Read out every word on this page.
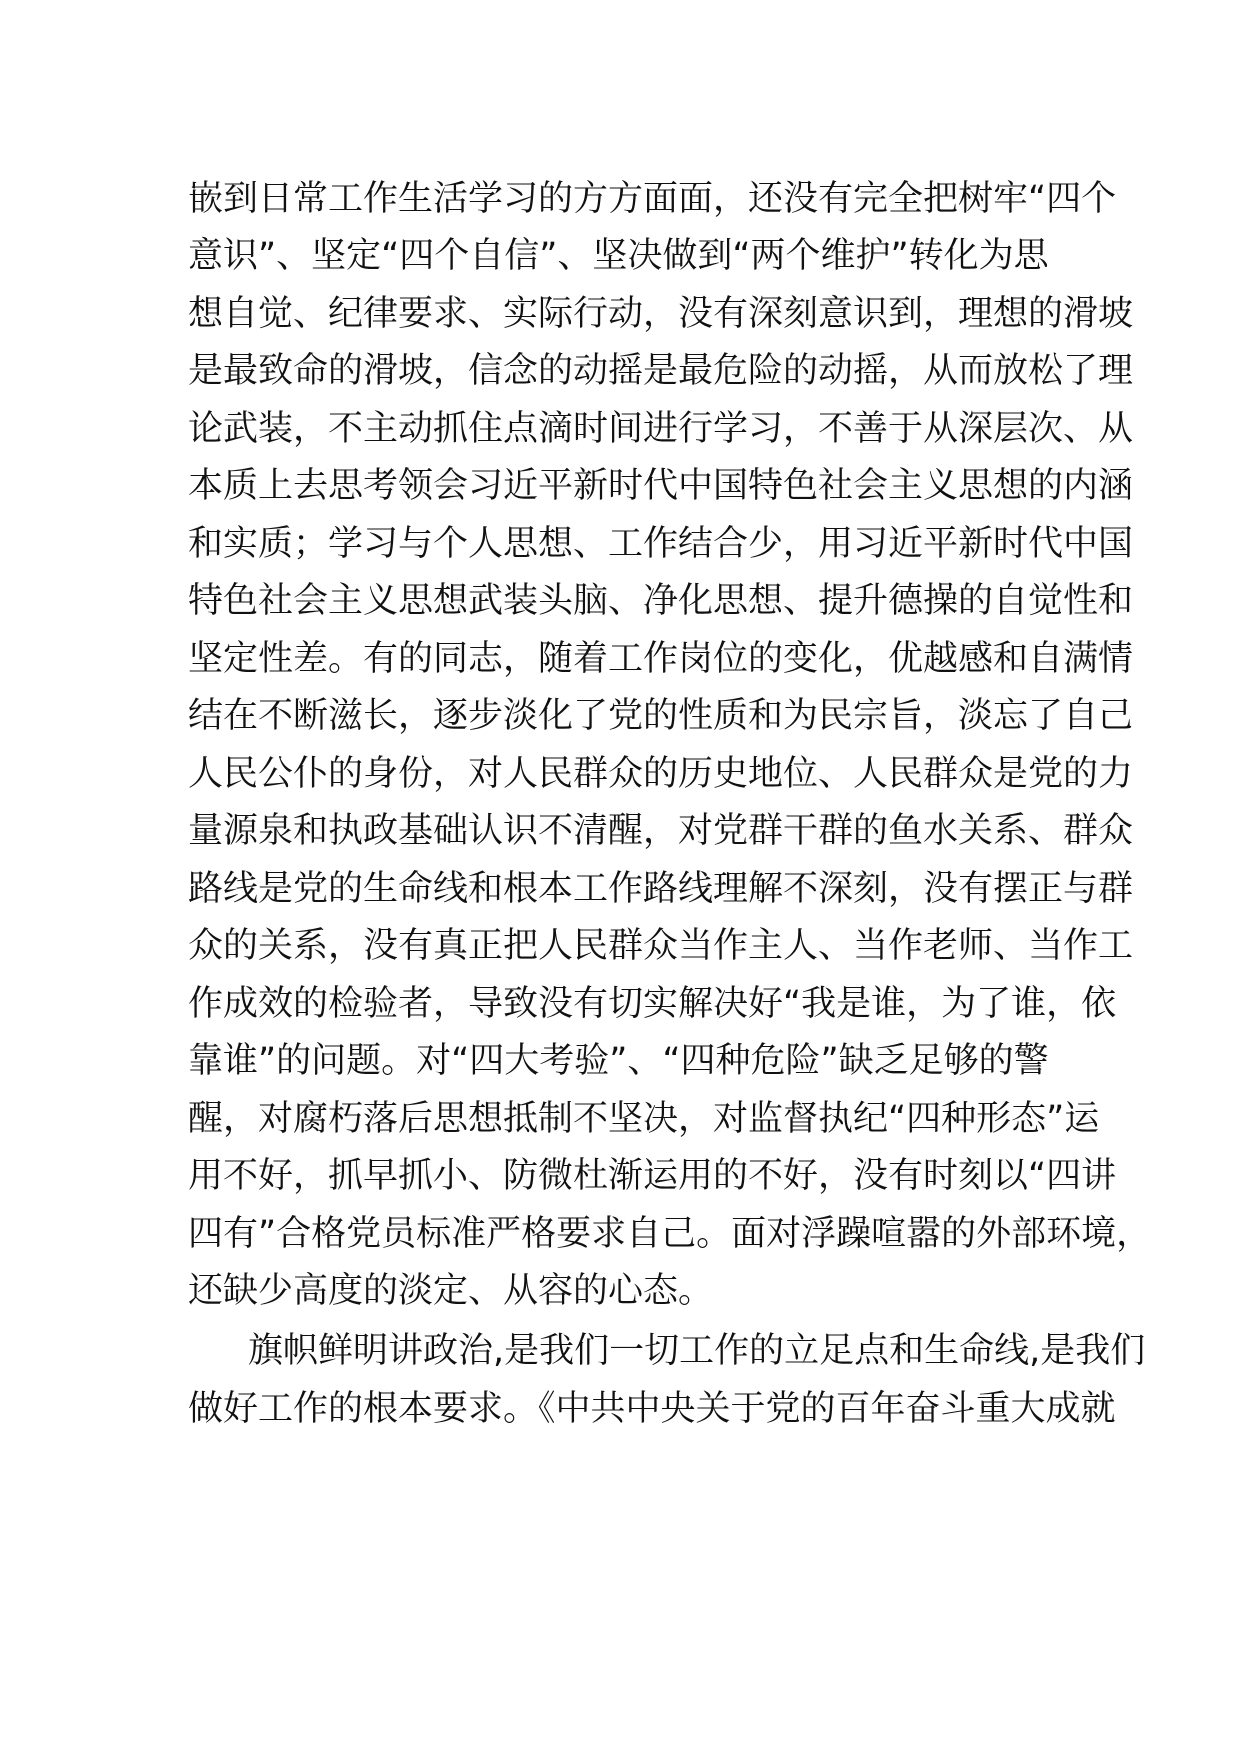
嵌到日常工作生活学习的方方面面，还没有完全把树牢“四个
意识”、坚定“四个自信”、坚决做到“两个维护”转化为思
想自觉、纪律要求、实际行动，没有深刻意识到，理想的滑坡
是最致命的滑坡，信念的动摇是最危险的动摇，从而放松了理
论武装，不主动抓住点滴时间进行学习，不善于从深层次、从
本质上去思考领会习近平新时代中国特色社会主义思想的内涵
和实质；学习与个人思想、工作结合少，用习近平新时代中国
特色社会主义思想武装头脑、净化思想、提升德操的自觉性和
坚定性差。有的同志，随着工作岗位的变化，优越感和自满情
结在不断滋长，逐步淡化了党的性质和为民宗旨，淡忘了自己
人民公仆的身份，对人民群众的历史地位、人民群众是党的力
量源泉和执政基础认识不清醒，对党群干群的鱼水关系、群众
路线是党的生命线和根本工作路线理解不深刻，没有摆正与群
众的关系，没有真正把人民群众当作主人、当作老师、当作工
作成效的检验者，导致没有切实解决好“我是谁，为了谁，依
靠谁”的问题。对“四大考验”、“四种危险”缺乏足够的警
醒，对腐朽落后思想抵制不坚决，对监督执纪“四种形态”运
用不好，抓早抓小、防微杜渐运用的不好，没有时刻以“四讲
四有”合格党员标准严格要求自己。面对浮躁喧嚣的外部环境，
还缺少高度的淡定、从容的心态。
旗帜鲜明讲政治,是我们一切工作的立足点和生命线,是我们
做好工作的根本要求。《中共中央关于党的百年奋斗重大成就
